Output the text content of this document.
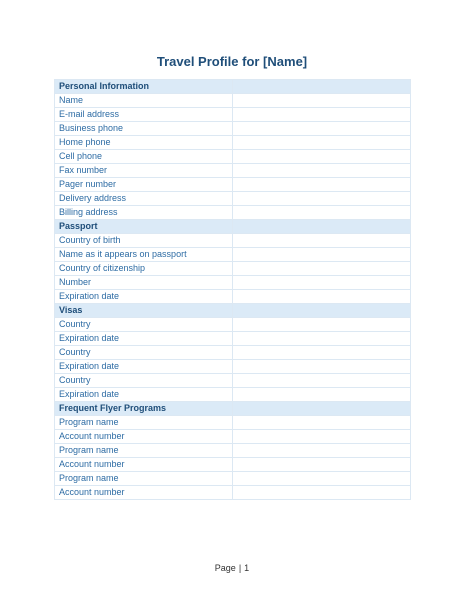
Travel Profile for [Name]
Personal Information	
Name	
E-mail address	
Business phone	
Home phone	
Cell phone	
Fax number	
Pager number	
Delivery address	
Billing address	
Passport	
Country of birth	
Name as it appears on passport	
Country of citizenship	
Number	
Expiration date	
Visas	
Country	
Expiration date	
Country	
Expiration date	
Country	
Expiration date	
Frequent Flyer Programs	
Program name	
Account number	
Program name	
Account number	
Program name	
Account number	
Page | 1
